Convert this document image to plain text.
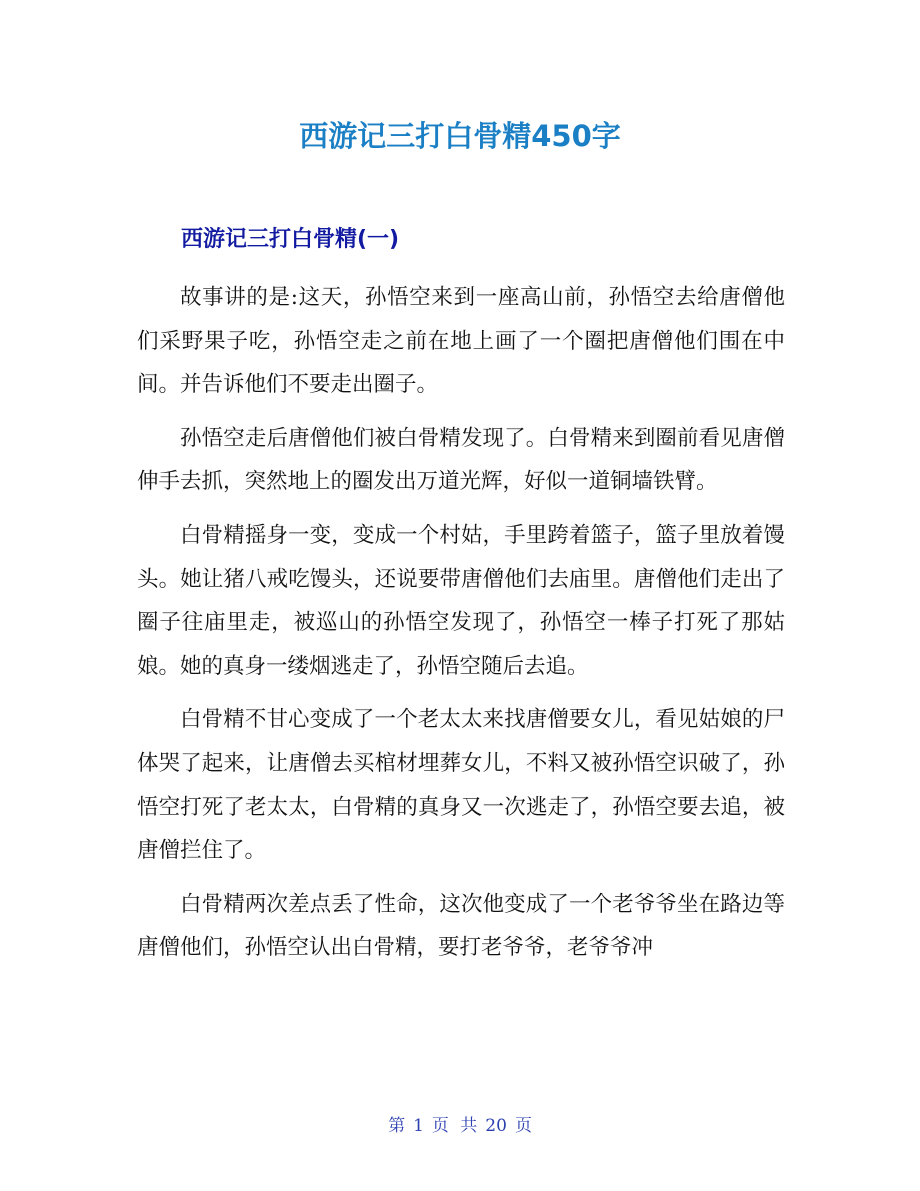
西游记三打白骨精450字
西游记三打白骨精(一)

故事讲的是:这天，孙悟空来到一座高山前，孙悟空去给唐僧他们采野果子吃，孙悟空走之前在地上画了一个圈把唐僧他们围在中间。并告诉他们不要走出圈子。

孙悟空走后唐僧他们被白骨精发现了。白骨精来到圈前看见唐僧伸手去抓，突然地上的圈发出万道光辉，好似一道铜墙铁臂。

白骨精摇身一变，变成一个村姑，手里跨着篮子，篮子里放着馒头。她让猪八戒吃馒头，还说要带唐僧他们去庙里。唐僧他们走出了圈子往庙里走，被巡山的孙悟空发现了，孙悟空一棒子打死了那姑娘。她的真身一缕烟逃走了，孙悟空随后去追。

白骨精不甘心变成了一个老太太来找唐僧要女儿，看见姑娘的尸体哭了起来，让唐僧去买棺材埋葬女儿，不料又被孙悟空识破了，孙悟空打死了老太太，白骨精的真身又一次逃走了，孙悟空要去追，被唐僧拦住了。

白骨精两次差点丢了性命，这次他变成了一个老爷爷坐在路边等唐僧他们，孙悟空认出白骨精，要打老爷爷，老爷爷冲

第 1 页 共 20 页
